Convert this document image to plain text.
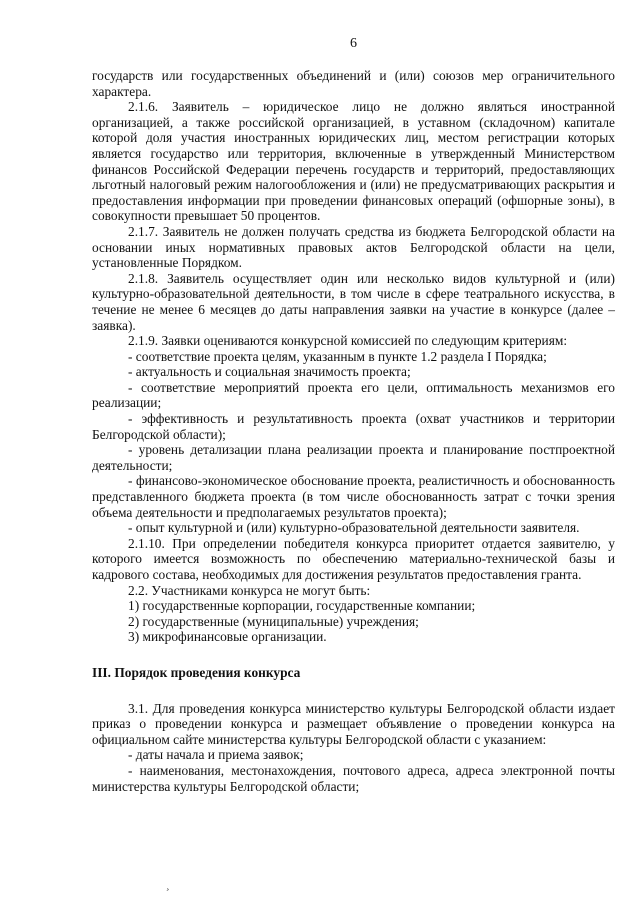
6

государств или государственных объединений и (или) союзов мер ограничительного характера.

2.1.6. Заявитель – юридическое лицо не должно являться иностранной организацией, а также российской организацией, в уставном (складочном) капитале которой доля участия иностранных юридических лиц, местом регистрации которых является государство или территория, включенные в утвержденный Министерством финансов Российской Федерации перечень государств и территорий, предоставляющих льготный налоговый режим налогообложения и (или) не предусматривающих раскрытия и предоставления информации при проведении финансовых операций (офшорные зоны), в совокупности превышает 50 процентов.

2.1.7. Заявитель не должен получать средства из бюджета Белгородской области на основании иных нормативных правовых актов Белгородской области на цели, установленные Порядком.

2.1.8. Заявитель осуществляет один или несколько видов культурной и (или) культурно-образовательной деятельности, в том числе в сфере театрального искусства, в течение не менее 6 месяцев до даты направления заявки на участие в конкурсе (далее – заявка).

2.1.9. Заявки оцениваются конкурсной комиссией по следующим критериям:

- соответствие проекта целям, указанным в пункте 1.2 раздела I Порядка;

- актуальность и социальная значимость проекта;

- соответствие мероприятий проекта его цели, оптимальность механизмов его реализации;

- эффективность и результативность проекта (охват участников и территории Белгородской области);

- уровень детализации плана реализации проекта и планирование постпроектной деятельности;

- финансово-экономическое обоснование проекта, реалистичность и обоснованность представленного бюджета проекта (в том числе обоснованность затрат с точки зрения объема деятельности и предполагаемых результатов проекта);

- опыт культурной и (или) культурно-образовательной деятельности заявителя.

2.1.10. При определении победителя конкурса приоритет отдается заявителю, у которого имеется возможность по обеспечению материально-технической базы и кадрового состава, необходимых для достижения результатов предоставления гранта.

2.2. Участниками конкурса не могут быть:

1) государственные корпорации, государственные компании;

2) государственные (муниципальные) учреждения;

3) микрофинансовые организации.

III. Порядок проведения конкурса

3.1. Для проведения конкурса министерство культуры Белгородской области издает приказ о проведении конкурса и размещает объявление о проведении конкурса на официальном сайте министерства культуры Белгородской области с указанием:

- даты начала и приема заявок;

- наименования, местонахождения, почтового адреса, адреса электронной почты министерства культуры Белгородской области;

¸
